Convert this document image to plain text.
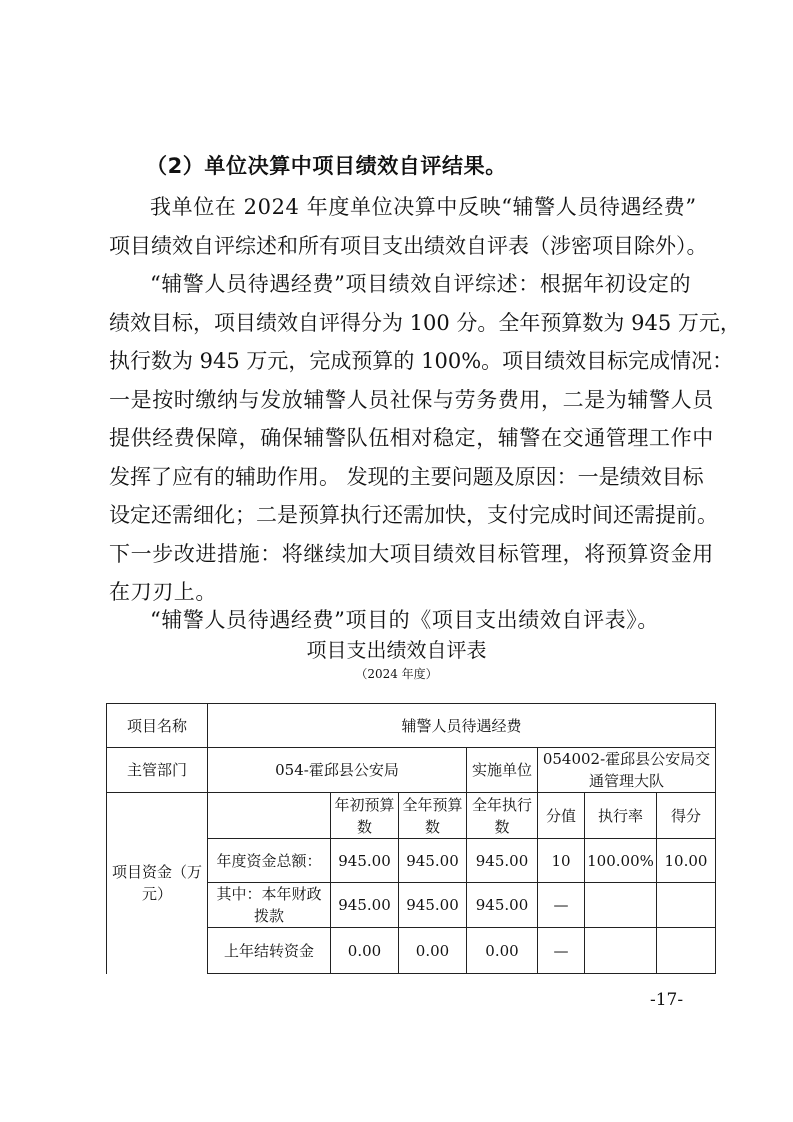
（2）单位决算中项目绩效自评结果。
我单位在 2024 年度单位决算中反映“辅警人员待遇经费”
项目绩效自评综述和所有项目支出绩效自评表（涉密项目除外）。
“辅警人员待遇经费”项目绩效自评综述：根据年初设定的
绩效目标，项目绩效自评得分为 100 分。全年预算数为 945 万元，
执行数为 945 万元，完成预算的 100%。项目绩效目标完成情况：
一是按时缴纳与发放辅警人员社保与劳务费用，二是为辅警人员
提供经费保障，确保辅警队伍相对稳定，辅警在交通管理工作中
发挥了应有的辅助作用。 发现的主要问题及原因：一是绩效目标
设定还需细化；二是预算执行还需加快，支付完成时间还需提前。
下一步改进措施：将继续加大项目绩效目标管理，将预算资金用
在刀刃上。
“辅警人员待遇经费”项目的《项目支出绩效自评表》。
项目支出绩效自评表
（2024 年度）
项目名称	辅警人员待遇经费						
主管部门	054-霍邱县公安局			实施单位	054002-霍邱县公安局交通管理大队		
项目资金（万元）		年初预算数	全年预算数	全年执行数	分值	执行率	得分
	年度资金总额：	945.00	945.00	945.00	10	100.00%	10.00
	其中：本年财政拨款	945.00	945.00	945.00	—		
	上年结转资金	0.00	0.00	0.00	—		
-17-
